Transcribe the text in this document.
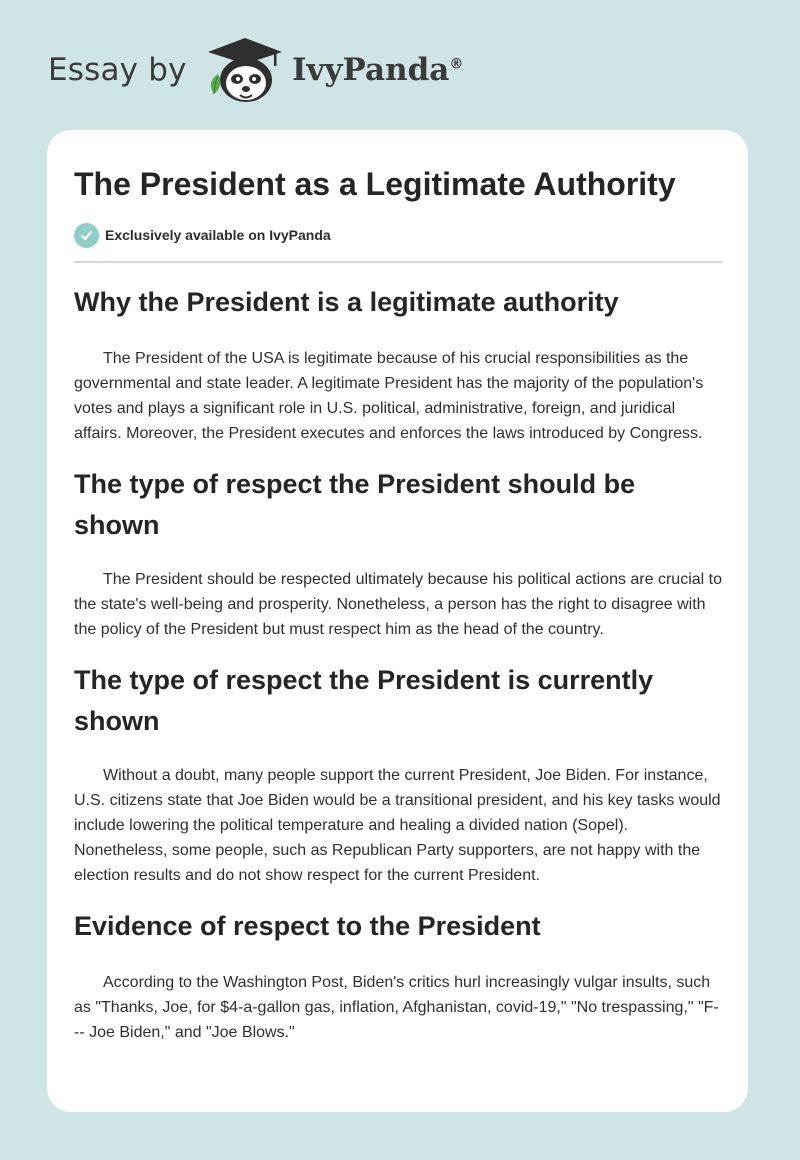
Essay by	IvyPanda®
The President as a Legitimate Authority
Exclusively available on IvyPanda
Why the President is a legitimate authority

The President of the USA is legitimate because of his crucial responsibilities as the governmental and state leader. A legitimate President has the majority of the population's votes and plays a significant role in U.S. political, administrative, foreign, and juridical affairs. Moreover, the President executes and enforces the laws introduced by Congress.

The type of respect the President should be shown

The President should be respected ultimately because his political actions are crucial to the state's well-being and prosperity. Nonetheless, a person has the right to disagree with the policy of the President but must respect him as the head of the country.

The type of respect the President is currently shown

Without a doubt, many people support the current President, Joe Biden. For instance, U.S. citizens state that Joe Biden would be a transitional president, and his key tasks would include lowering the political temperature and healing a divided nation (Sopel). Nonetheless, some people, such as Republican Party supporters, are not happy with the election results and do not show respect for the current President.

Evidence of respect to the President

According to the Washington Post, Biden's critics hurl increasingly vulgar insults, such as "Thanks, Joe, for $4-a-gallon gas, inflation, Afghanistan, covid-19," "No trespassing," "F--- Joe Biden," and "Joe Blows."
